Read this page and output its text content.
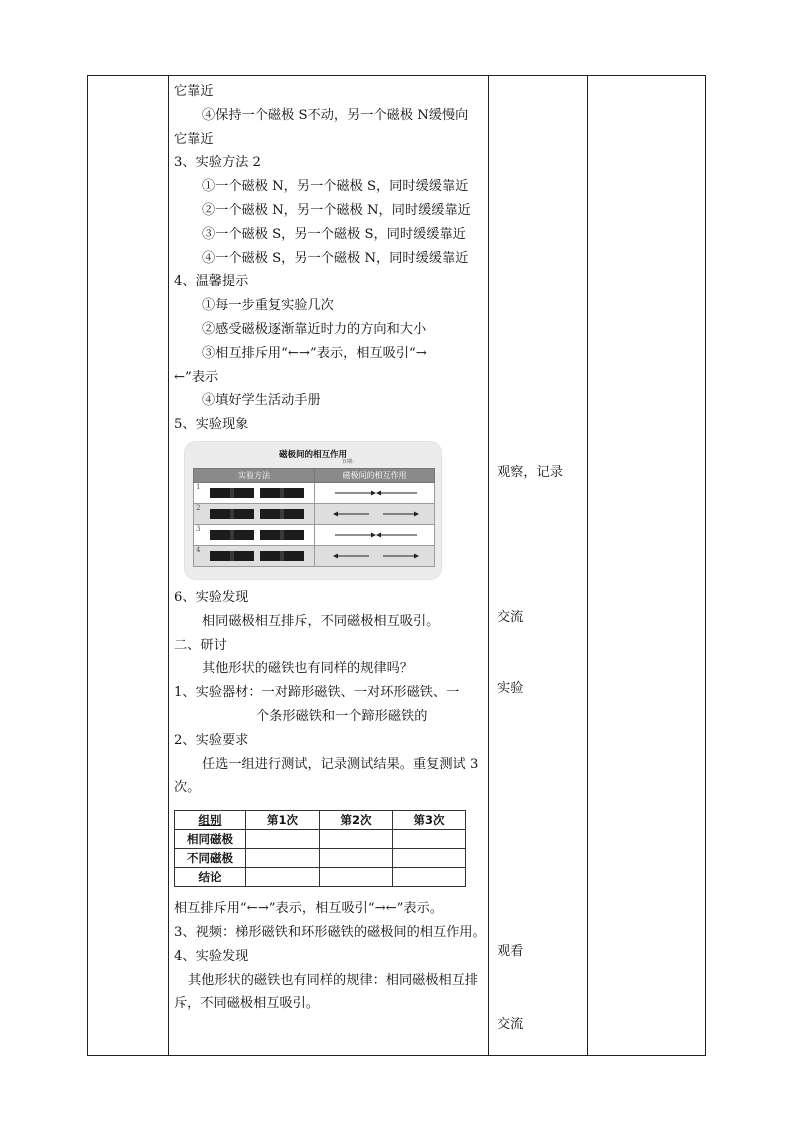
它靠近

④保持一个磁极 S不动，另一个磁极 N缓慢向

它靠近

3、实验方法 2

①一个磁极 N，另一个磁极 S，同时缓缓靠近

②一个磁极 N，另一个磁极 N，同时缓缓靠近

③一个磁极 S，另一个磁极 S，同时缓缓靠近

④一个磁极 S，另一个磁极 N，同时缓缓靠近

4、温馨提示

①每一步重复实验几次

②感受磁极逐渐靠近时力的方向和大小

③相互排斥用“←→”表示，相互吸引“→

←”表示

④填好学生活动手册

5、实验现象

磁极间的相互作用
日期：
实验方法	磁极间的相互作用

1

2

3

4

6、实验发现

相同磁极相互排斥，不同磁极相互吸引。

二、研讨

其他形状的磁铁也有同样的规律吗？

1、实验器材：一对蹄形磁铁、一对环形磁铁、一

个条形磁铁和一个蹄形磁铁的

2、实验要求

任选一组进行测试，记录测试结果。重复测试 3

次。

组别	第1次	第2次	第3次
相同磁极			
不同磁极			
结论			

相互排斥用“←→”表示，相互吸引“→←”表示。

3、视频：梯形磁铁和环形磁铁的磁极间的相互作用。

4、实验发现

其他形状的磁铁也有同样的规律：相同磁极相互排斥，不同磁极相互吸引。

观察，记录
交流
实验
观看
交流
